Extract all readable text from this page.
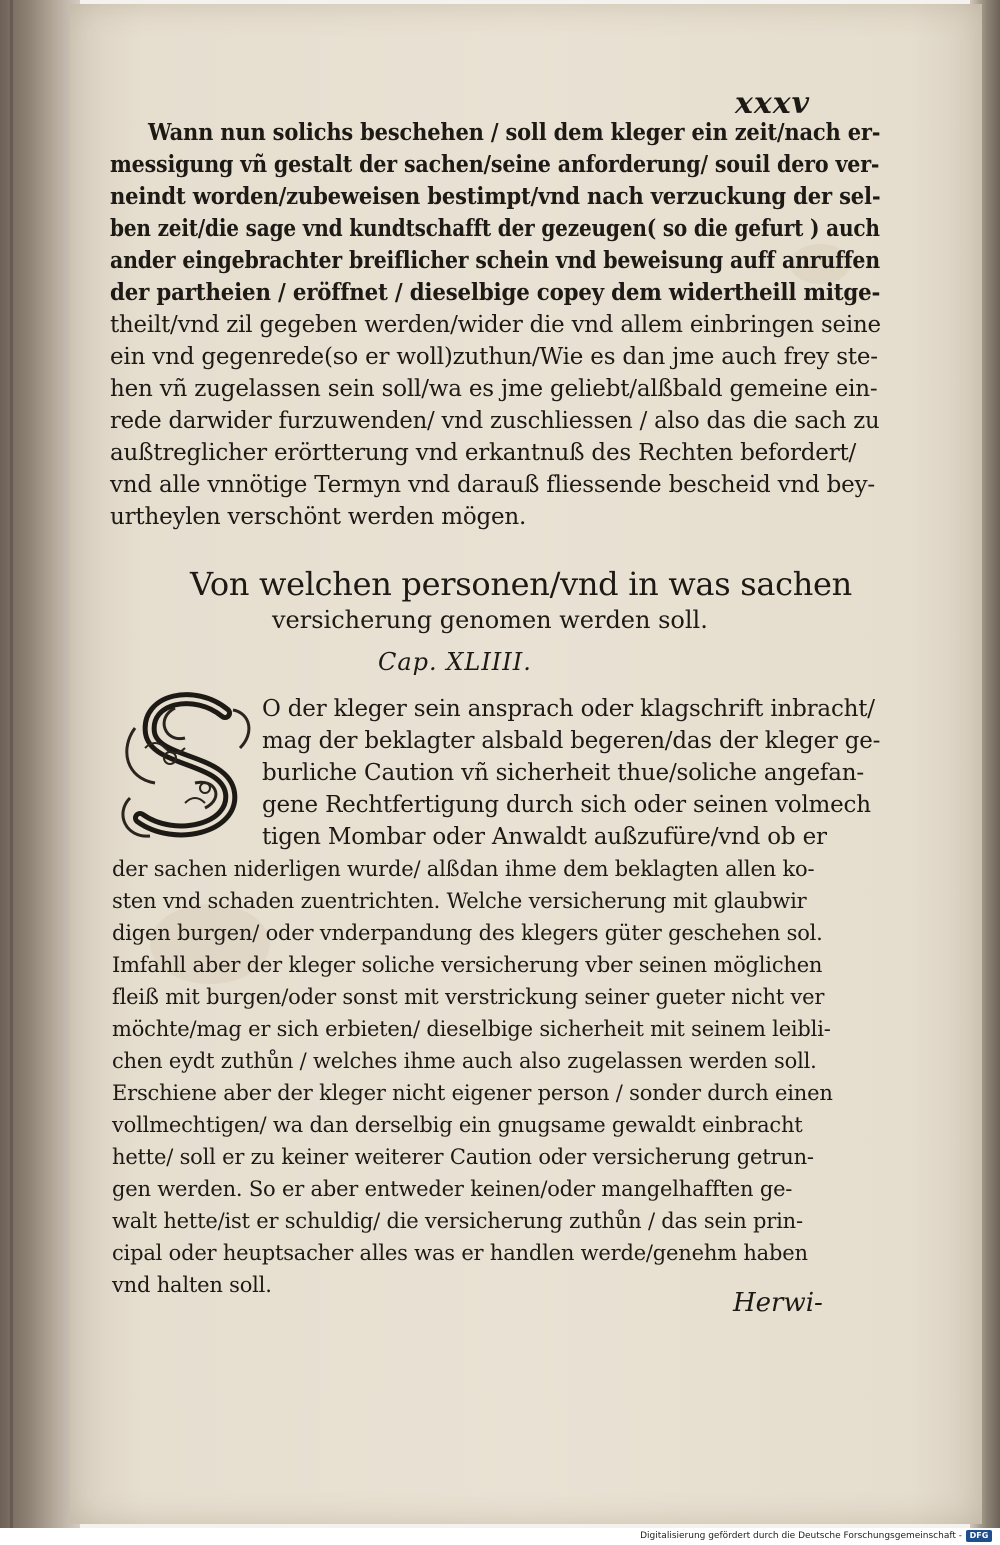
xxxv
Wann nun solichs beschehen / soll dem kleger ein zeit/nach er-
messigung vñ gestalt der sachen/seine anforderung/ souil dero ver-
neindt worden/zubeweisen bestimpt/vnd nach verzuckung der sel-
ben zeit/die sage vnd kundtschafft der gezeugen( so die gefurt ) auch
ander eingebrachter breiflicher schein vnd beweisung auff anruffen
der partheien / eröffnet / dieselbige copey dem widertheill mitge-
theilt/vnd zil gegeben werden/wider die vnd allem einbringen seine
ein vnd gegenrede(so er woll)zuthun/Wie es dan jme auch frey ste-
hen vñ zugelassen sein soll/wa es jme geliebt/alßbald gemeine ein-
rede darwider furzuwenden/ vnd zuschliessen / also das die sach zu
außtreglicher erörtterung vnd erkantnuß des Rechten befordert/
vnd alle vnnötige Termyn vnd darauß fliessende bescheid vnd bey-
urtheylen verschönt werden mögen.
Von welchen personen/vnd in was sachen
versicherung genomen werden soll.
Cap. XLIIII.
O der kleger sein ansprach oder klagschrift inbracht/
mag der beklagter alsbald begeren/das der kleger ge-
burliche Caution vñ sicherheit thue/soliche angefan-
gene Rechtfertigung durch sich oder seinen volmech
tigen Mombar oder Anwaldt außzufüre/vnd ob er
der sachen niderligen wurde/ alßdan ihme dem beklagten allen ko-
sten vnd schaden zuentrichten. Welche versicherung mit glaubwir
digen burgen/ oder vnderpandung des klegers güter geschehen sol.
Imfahll aber der kleger soliche versicherung vber seinen möglichen
fleiß mit burgen/oder sonst mit verstrickung seiner gueter nicht ver
möchte/mag er sich erbieten/ dieselbige sicherheit mit seinem leibli-
chen eydt zuthůn / welches ihme auch also zugelassen werden soll.
Erschiene aber der kleger nicht eigener person / sonder durch einen
vollmechtigen/ wa dan derselbig ein gnugsame gewaldt einbracht
hette/ soll er zu keiner weiterer Caution oder versicherung getrun-
gen werden. So er aber entweder keinen/oder mangelhafften ge-
walt hette/ist er schuldig/ die versicherung zuthůn / das sein prin-
cipal oder heuptsacher alles was er handlen werde/genehm haben
vnd halten soll.
Herwi-
Digitalisierung gefördert durch die Deutsche Forschungsgemeinschaft - DFG
